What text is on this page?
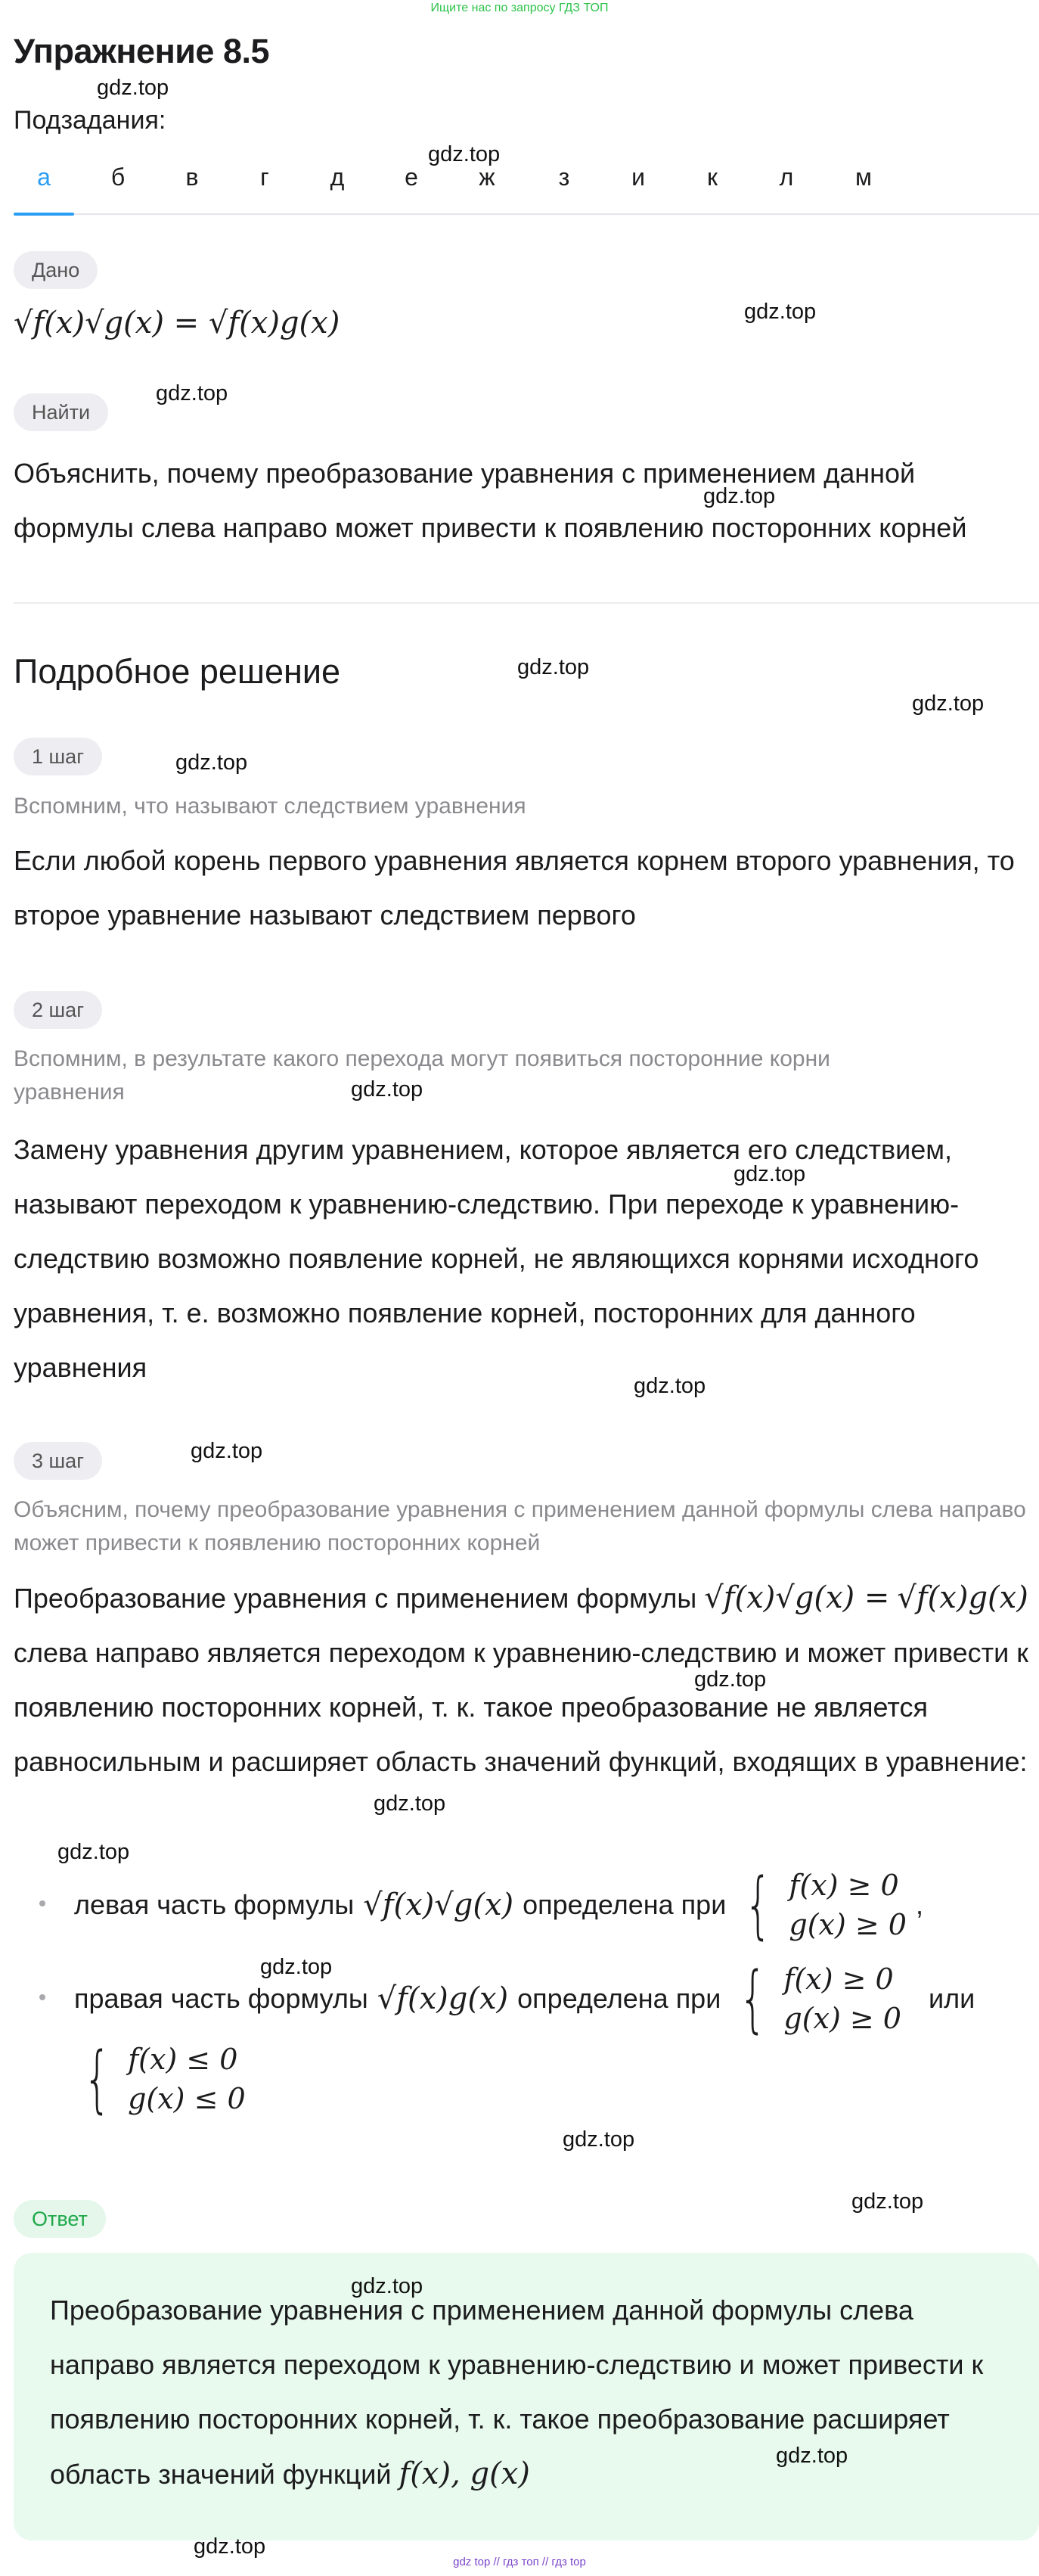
Ищите нас по запросу ГДЗ ТОП
Упражнение 8.5
Подзадания:
а	б	в	г	д	е	ж	з	и	к	л	м
Дано
√f(x)√g(x) = √f(x)g(x)
Найти
Объяснить, почему преобразование уравнения с применением данной формулы слева направо может привести к появлению посторонних корней
Подробное решение
1 шаг
Вспомним, что называют следствием уравнения
Если любой корень первого уравнения является корнем второго уравнения, то второе уравнение называют следствием первого
2 шаг
Вспомним, в результате какого перехода могут появиться посторонние корни уравнения
Замену уравнения другим уравнением, которое является его следствием, называют переходом к уравнению-следствию. При переходе к уравнению-следствию возможно появление корней, не являющихся корнями исходного уравнения, т. е. возможно появление корней, посторонних для данного уравнения
3 шаг
Объясним, почему преобразование уравнения с применением данной формулы слева направо может привести к появлению посторонних корней
Преобразование уравнения с применением формулы √f(x)√g(x) = √f(x)g(x) слева направо является переходом к уравнению-следствию и может привести к появлению посторонних корней, т. к. такое преобразование не является равносильным и расширяет область значений функций, входящих в уравнение:
левая часть формулы √f(x)√g(x) определена при { f(x) ≥ 0
g(x) ≥ 0
,
правая часть формулы √f(x)g(x) определена при { f(x) ≥ 0
g(x) ≥ 0
или
{ f(x) ≤ 0
g(x) ≤ 0
Ответ
Преобразование уравнения с применением данной формулы слева направо является переходом к уравнению-следствию и может привести к появлению посторонних корней, т. к. такое преобразование расширяет область значений функций f(x), g(x)
gdz.top
gdz.top
gdz.top
gdz.top
gdz.top
gdz.top
gdz.top
gdz.top
gdz.top
gdz.top
gdz.top
gdz.top
gdz.top
gdz.top
gdz.top
gdz.top
gdz.top
gdz.top
gdz.top
gdz.top
gdz.top
gdz top // гдз топ // гдз top
